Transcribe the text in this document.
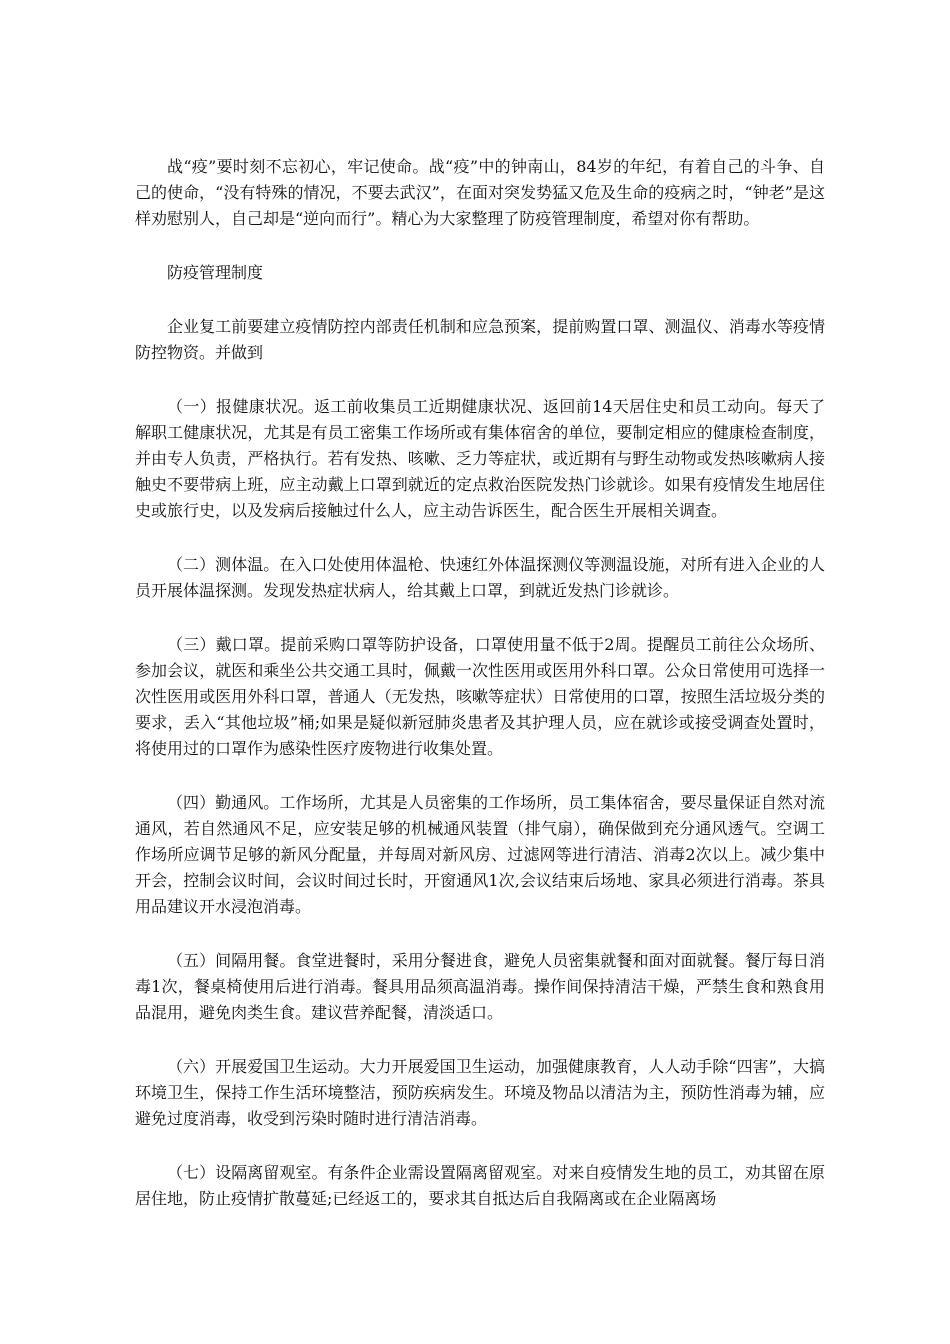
战“疫”要时刻不忘初心，牢记使命。战“疫”中的钟南山，84岁的年纪，有着自己的斗争、自己的使命，“没有特殊的情况，不要去武汉”，在面对突发势猛又危及生命的疫病之时，“钟老”是这样劝慰别人，自己却是“逆向而行”。精心为大家整理了防疫管理制度，希望对你有帮助。

防疫管理制度

企业复工前要建立疫情防控内部责任机制和应急预案，提前购置口罩、测温仪、消毒水等疫情防控物资。并做到

（一）报健康状况。返工前收集员工近期健康状况、返回前14天居住史和员工动向。每天了解职工健康状况，尤其是有员工密集工作场所或有集体宿舍的单位，要制定相应的健康检查制度，并由专人负责，严格执行。若有发热、咳嗽、乏力等症状，或近期有与野生动物或发热咳嗽病人接触史不要带病上班，应主动戴上口罩到就近的定点救治医院发热门诊就诊。如果有疫情发生地居住史或旅行史，以及发病后接触过什么人，应主动告诉医生，配合医生开展相关调查。

（二）测体温。在入口处使用体温枪、快速红外体温探测仪等测温设施，对所有进入企业的人员开展体温探测。发现发热症状病人，给其戴上口罩，到就近发热门诊就诊。

（三）戴口罩。提前采购口罩等防护设备，口罩使用量不低于2周。提醒员工前往公众场所、参加会议，就医和乘坐公共交通工具时，佩戴一次性医用或医用外科口罩。公众日常使用可选择一次性医用或医用外科口罩，普通人（无发热，咳嗽等症状）日常使用的口罩，按照生活垃圾分类的要求，丢入“其他垃圾”桶;如果是疑似新冠肺炎患者及其护理人员，应在就诊或接受调查处置时，将使用过的口罩作为感染性医疗废物进行收集处置。

（四）勤通风。工作场所，尤其是人员密集的工作场所，员工集体宿舍，要尽量保证自然对流通风，若自然通风不足，应安装足够的机械通风装置（排气扇），确保做到充分通风透气。空调工作场所应调节足够的新风分配量，并每周对新风房、过滤网等进行清洁、消毒2次以上。减少集中开会，控制会议时间，会议时间过长时，开窗通风1次,会议结束后场地、家具必须进行消毒。茶具用品建议开水浸泡消毒。

（五）间隔用餐。食堂进餐时，采用分餐进食，避免人员密集就餐和面对面就餐。餐厅每日消毒1次，餐桌椅使用后进行消毒。餐具用品须高温消毒。操作间保持清洁干燥，严禁生食和熟食用品混用，避免肉类生食。建议营养配餐，清淡适口。

（六）开展爱国卫生运动。大力开展爱国卫生运动，加强健康教育，人人动手除“四害”，大搞环境卫生，保持工作生活环境整洁，预防疾病发生。环境及物品以清洁为主，预防性消毒为辅，应避免过度消毒，收受到污染时随时进行清洁消毒。

（七）设隔离留观室。有条件企业需设置隔离留观室。对来自疫情发生地的员工，劝其留在原居住地，防止疫情扩散蔓延;已经返工的，要求其自抵达后自我隔离或在企业隔离场
